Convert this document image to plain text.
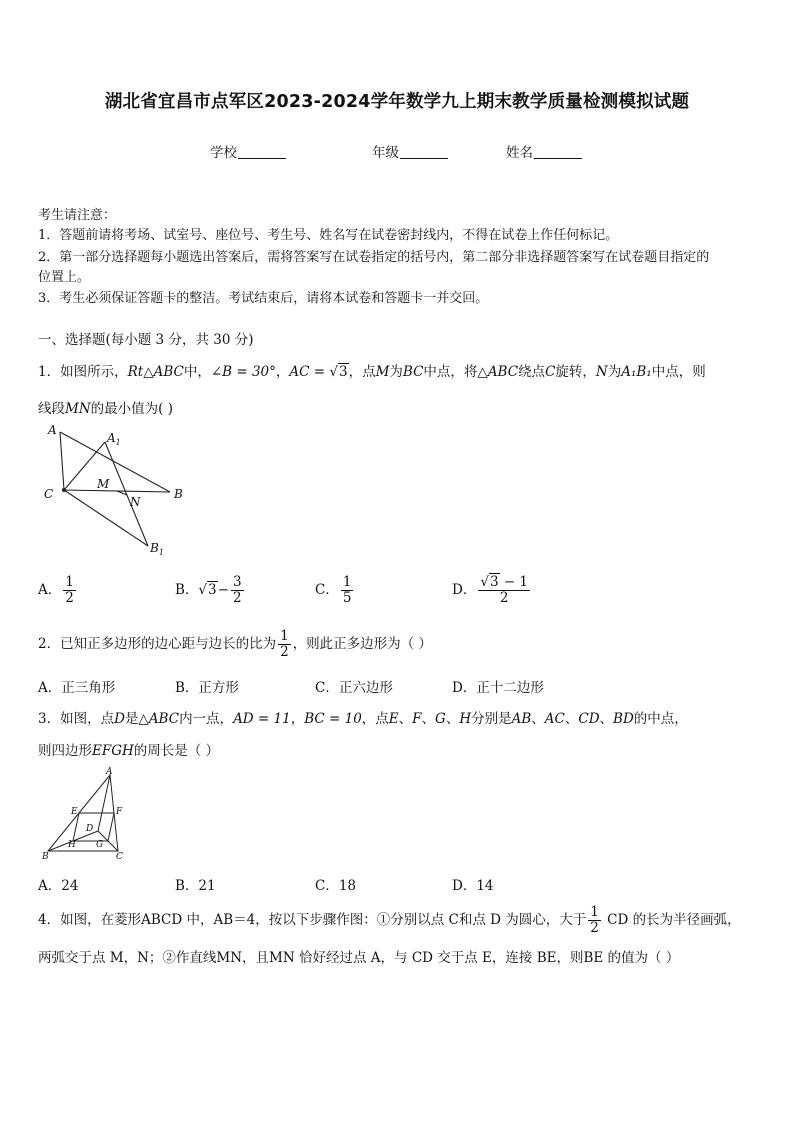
湖北省宜昌市点军区2023-2024学年数学九上期末教学质量检测模拟试题
学校	年级	姓名
考生请注意：
1．答题前请将考场、试室号、座位号、考生号、姓名写在试卷密封线内，不得在试卷上作任何标记。
2．第一部分选择题每小题选出答案后，需将答案写在试卷指定的括号内，第二部分非选择题答案写在试卷题目指定的
位置上。
3．考生必须保证答题卡的整洁。考试结束后，请将本试卷和答题卡一并交回。
一、选择题(每小题 3 分，共 30 分)
1．如图所示，Rt△ABC中，∠B = 30°，AC = √3，点M为BC中点，将△ABC绕点C旋转，N为A₁B₁中点，则
线段MN的最小值为( )
A
$A_1$
C
M
N
B
$B_1$
A． $\frac{1}{2}$	B．$√3- \frac{3}{2}$	C． $\frac{1}{5}$	D． $\frac{√3 - 1}{2}$
2．已知正多边形的边心距与边长的比为 $\frac{1}{2}$ ，则此正多边形为（ ）
A．正三角形	B．正方形	C．正六边形	D．正十二边形
3．如图，点D是△ABC内一点，AD = 11，BC = 10，点E、F、G、H分别是AB、AC、CD、BD的中点，
则四边形EFGH的周长是（ ）
A
E	F
D
B
H G
C
A．24	B．21	C．18	D．14
4．如图，在菱形ABCD 中，AB＝4，按以下步骤作图：①分别以点 C和点 D 为圆心，大于 $\frac{1}{2}$ CD 的长为半径画弧，
两弧交于点 M，N；②作直线MN，且MN 恰好经过点 A，与 CD 交于点 E，连接 BE，则BE 的值为（ ）
